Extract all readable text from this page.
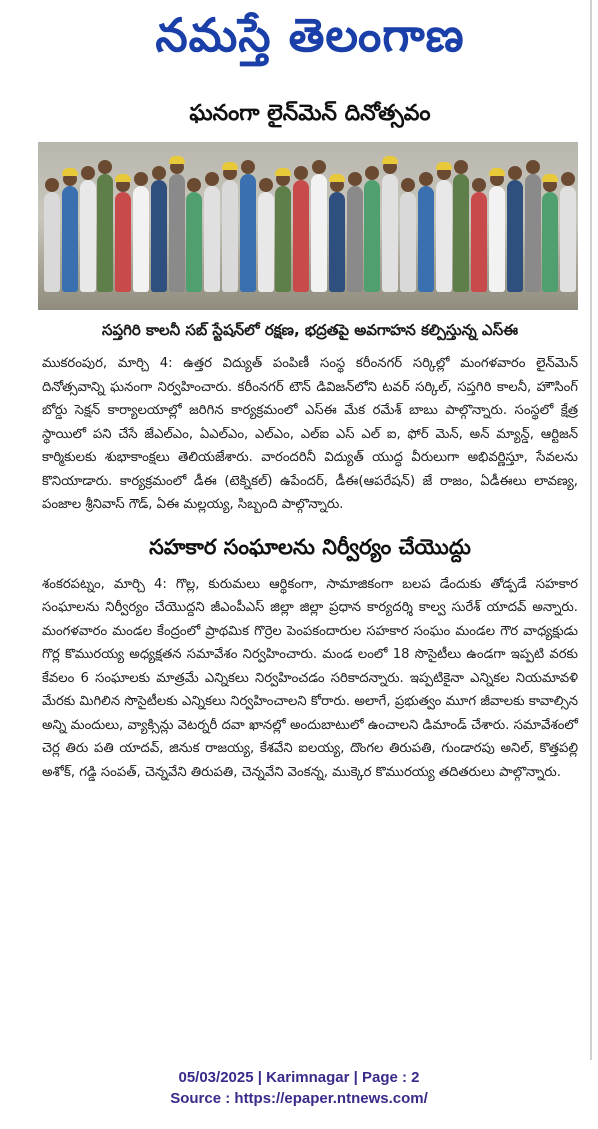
నమస్తే తెలంగాణ
ఘనంగా లైన్‌మెన్ దినోత్సవం
సప్తగిరి కాలనీ సబ్ స్టేషన్‌లో రక్షణ, భద్రతపై అవగాహన కల్పిస్తున్న ఎస్‌ఈ
ముకరంపుర, మార్చి 4: ఉత్తర విద్యుత్ పంపిణీ సంస్థ కరీంనగర్ సర్కిల్లో మంగళవారం లైన్‌మెన్ దినోత్సవాన్ని ఘనంగా నిర్వహించారు. కరీంనగర్ టౌన్ డివిజన్‌లోని టవర్ సర్కిల్, సప్తగిరి కాలనీ, హౌసింగ్ బోర్డు సెక్షన్ కార్యాలయాల్లో జరిగిన కార్యక్రమంలో ఎస్‌ఈ మేక రమేశ్ బాబు పాల్గొన్నారు. సంస్థలో క్షేత్ర స్థాయిలో పని చేసే జేఎల్‌ఎం, ఏఎల్‌ఎం, ఎల్‌ఎం, ఎల్ఐ ఎస్ ఎల్ ఐ, ఫోర్ మెన్, అన్ మ్యాన్డ్, ఆర్టిజన్ కార్మికులకు శుభాకాంక్షలు తెలియజేశారు. వారందరినీ విద్యుత్ యుద్ధ వీరులుగా అభివర్ణిస్తూ, సేవలను కొనియాడారు. కార్యక్రమంలో డీఈ (టెక్నికల్) ఉపేందర్, డీఈ(ఆపరేషన్) జే రాజం, ఏడీఈలు లావణ్య, పంజాల శ్రీనివాస్ గౌడ్, ఏఈ మల్లయ్య, సిబ్బంది పాల్గొన్నారు.
సహకార సంఘాలను నిర్వీర్యం చేయొద్దు
శంకరపట్నం, మార్చి 4: గొల్ల, కురుమలు ఆర్థికంగా, సామాజికంగా బలప డేందుకు తోడ్పడే సహకార సంఘాలను నిర్వీర్యం చేయొద్దని జీఎంపీఎస్ జిల్లా జిల్లా ప్రధాన కార్యదర్శి కాల్వ సురేశ్ యాదవ్ అన్నారు. మంగళవారం మండల కేంద్రంలో ప్రాథమిక గొర్రెల పెంపకందారుల సహకార సంఘం మండల గౌర వాధ్యక్షుడు గొర్ల కొమురయ్య అధ్యక్షతన సమావేశం నిర్వహించారు. మండ లంలో 18 సొసైటీలు ఉండగా ఇప్పటి వరకు కేవలం 6 సంఘాలకు మాత్రమే ఎన్నికలు నిర్వహించడం సరికాదన్నారు. ఇప్పటికైనా ఎన్నికల నియమావళి మేరకు మిగిలిన సొసైటీలకు ఎన్నికలు నిర్వహించాలని కోరారు. అలాగే, ప్రభుత్వం మూగ జీవాలకు కావాల్సిన అన్ని మందులు, వ్యాక్సిన్లు వెటర్నరీ దవా ఖానల్లో అందుబాటులో ఉంచాలని డిమాండ్ చేశారు. సమావేశంలో చెర్ల తిరు పతి యాదవ్, జినుక రాజయ్య, కేశవేని ఐలయ్య, దొంగల తిరుపతి, గుండారపు అనిల్, కొత్తపల్లి అశోక్, గడ్డి సంపత్, చెన్నవేని తిరుపతి, చెన్నవేని వెంకన్న, ముక్కెర కొమురయ్య తదితరులు పాల్గొన్నారు.
05/03/2025 | Karimnagar | Page : 2
Source : https://epaper.ntnews.com/
